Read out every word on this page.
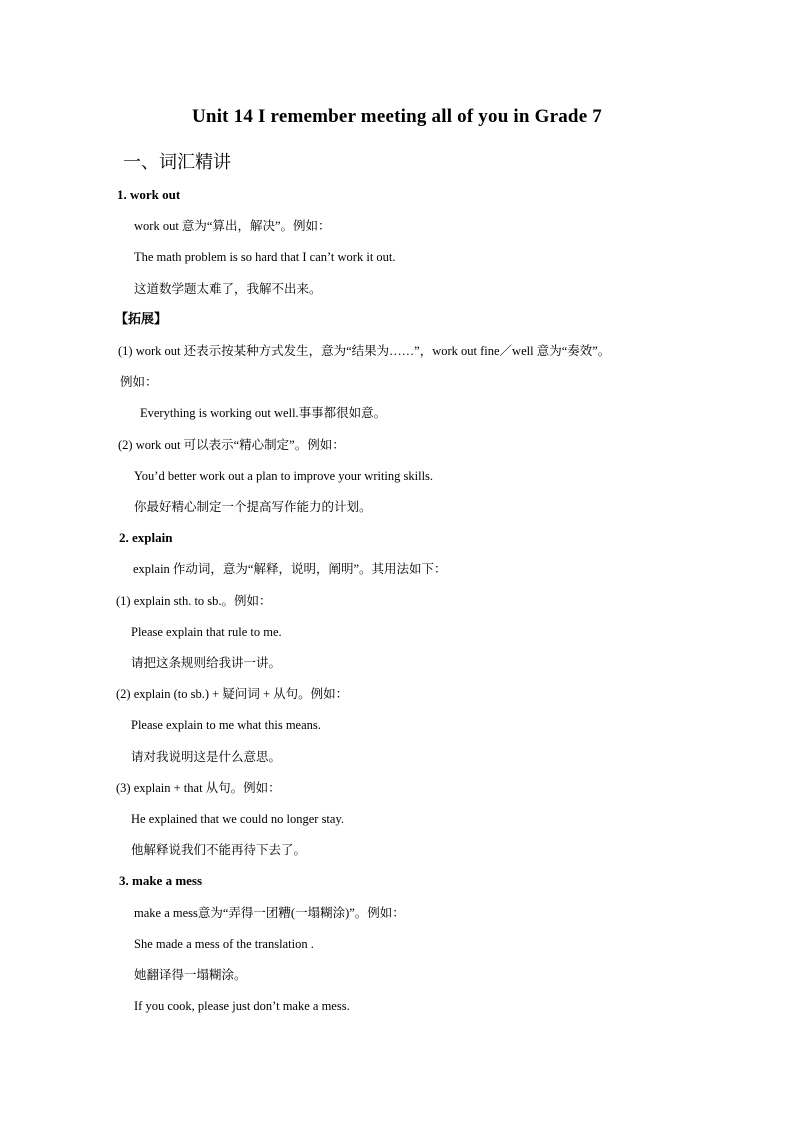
Unit 14 I remember meeting all of you in Grade 7
一、词汇精讲
1. work out
work out 意为“算出，解决”。例如：
The math problem is so hard that I can’t work it out.
这道数学题太难了，我解不出来。
【拓展】
(1) work out 还表示按某种方式发生，意为“结果为……”，work out fine／well 意为“奏效”。
例如：
Everything is working out well.事事都很如意。
(2) work out 可以表示“精心制定”。例如：
You’d better work out a plan to improve your writing skills.
你最好精心制定一个提高写作能力的计划。
2. explain
explain 作动词，意为“解释，说明，阐明”。其用法如下：
(1) explain sth. to sb.。例如：
Please explain that rule to me.
请把这条规则给我讲一讲。
(2) explain (to sb.) + 疑问词 + 从句。例如：
Please explain to me what this means.
请对我说明这是什么意思。
(3) explain + that 从句。例如：
He explained that we could no longer stay.
他解释说我们不能再待下去了。
3. make a mess
make a mess意为“弄得一团糟(一塌糊涂)”。例如：
She made a mess of the translation .
她翻译得一塌糊涂。
If you cook, please just don’t make a mess.
